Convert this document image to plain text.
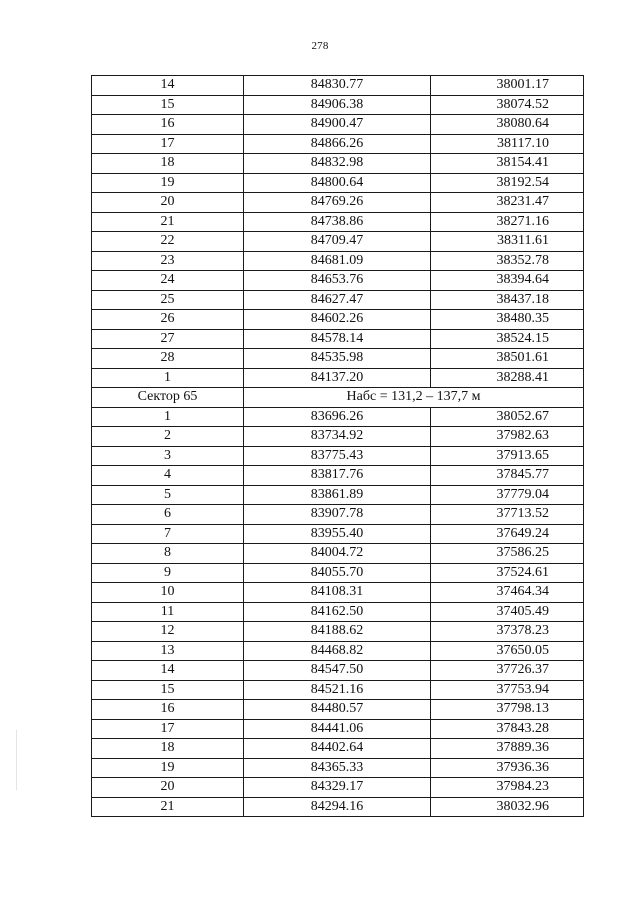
278
14	84830.77	38001.17
15	84906.38	38074.52
16	84900.47	38080.64
17	84866.26	38117.10
18	84832.98	38154.41
19	84800.64	38192.54
20	84769.26	38231.47
21	84738.86	38271.16
22	84709.47	38311.61
23	84681.09	38352.78
24	84653.76	38394.64
25	84627.47	38437.18
26	84602.26	38480.35
27	84578.14	38524.15
28	84535.98	38501.61
1	84137.20	38288.41
Сектор 65	Набс = 131,2 – 137,7 м	
1	83696.26	38052.67
2	83734.92	37982.63
3	83775.43	37913.65
4	83817.76	37845.77
5	83861.89	37779.04
6	83907.78	37713.52
7	83955.40	37649.24
8	84004.72	37586.25
9	84055.70	37524.61
10	84108.31	37464.34
11	84162.50	37405.49
12	84188.62	37378.23
13	84468.82	37650.05
14	84547.50	37726.37
15	84521.16	37753.94
16	84480.57	37798.13
17	84441.06	37843.28
18	84402.64	37889.36
19	84365.33	37936.36
20	84329.17	37984.23
21	84294.16	38032.96
